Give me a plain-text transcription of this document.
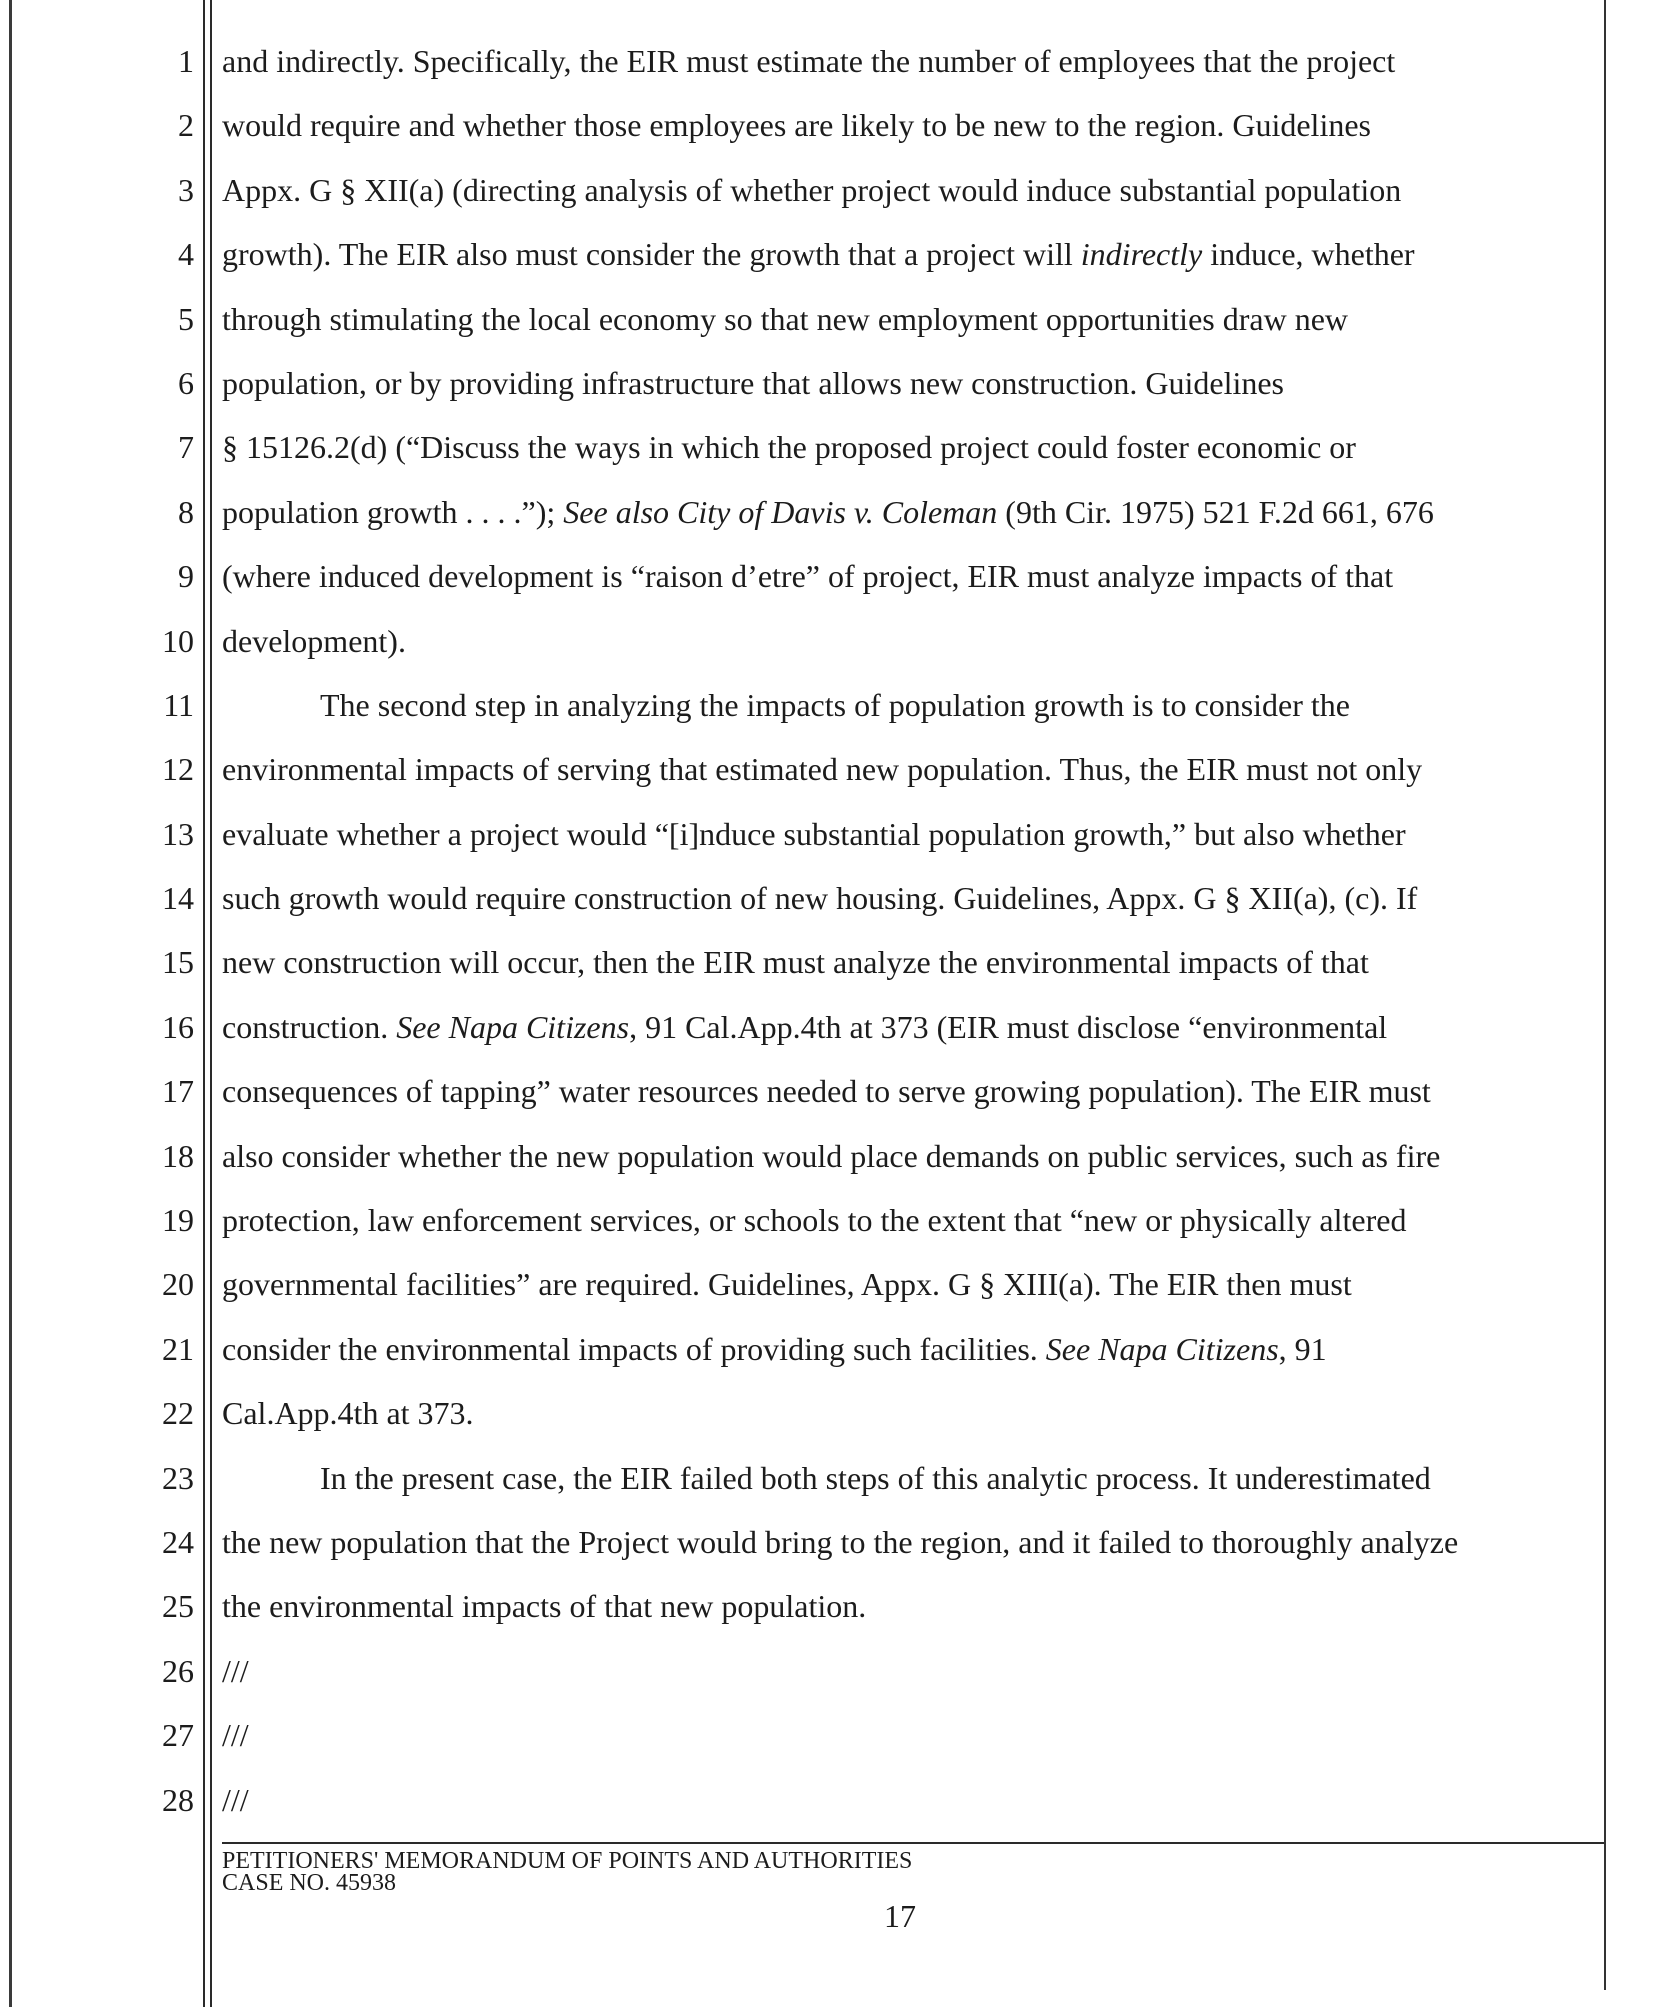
1
2
3
4
5
6
7
8
9
10
11
12
13
14
15
16
17
18
19
20
21
22
23
24
25
26
27
28
and indirectly. Specifically, the EIR must estimate the number of employees that the project
would require and whether those employees are likely to be new to the region. Guidelines
Appx. G § XII(a) (directing analysis of whether project would induce substantial population
growth). The EIR also must consider the growth that a project will indirectly induce, whether
through stimulating the local economy so that new employment opportunities draw new
population, or by providing infrastructure that allows new construction. Guidelines
§ 15126.2(d) (“Discuss the ways in which the proposed project could foster economic or
population growth . . . .”); See also City of Davis v. Coleman (9th Cir. 1975) 521 F.2d 661, 676
(where induced development is “raison d’etre” of project, EIR must analyze impacts of that
development).
The second step in analyzing the impacts of population growth is to consider the
environmental impacts of serving that estimated new population. Thus, the EIR must not only
evaluate whether a project would “[i]nduce substantial population growth,” but also whether
such growth would require construction of new housing. Guidelines, Appx. G § XII(a), (c). If
new construction will occur, then the EIR must analyze the environmental impacts of that
construction. See Napa Citizens, 91 Cal.App.4th at 373 (EIR must disclose “environmental
consequences of tapping” water resources needed to serve growing population). The EIR must
also consider whether the new population would place demands on public services, such as fire
protection, law enforcement services, or schools to the extent that “new or physically altered
governmental facilities” are required. Guidelines, Appx. G § XIII(a). The EIR then must
consider the environmental impacts of providing such facilities. See Napa Citizens, 91
Cal.App.4th at 373.
In the present case, the EIR failed both steps of this analytic process. It underestimated
the new population that the Project would bring to the region, and it failed to thoroughly analyze
the environmental impacts of that new population.
///
///
///
PETITIONERS' MEMORANDUM OF POINTS AND AUTHORITIES
CASE NO. 45938
17
